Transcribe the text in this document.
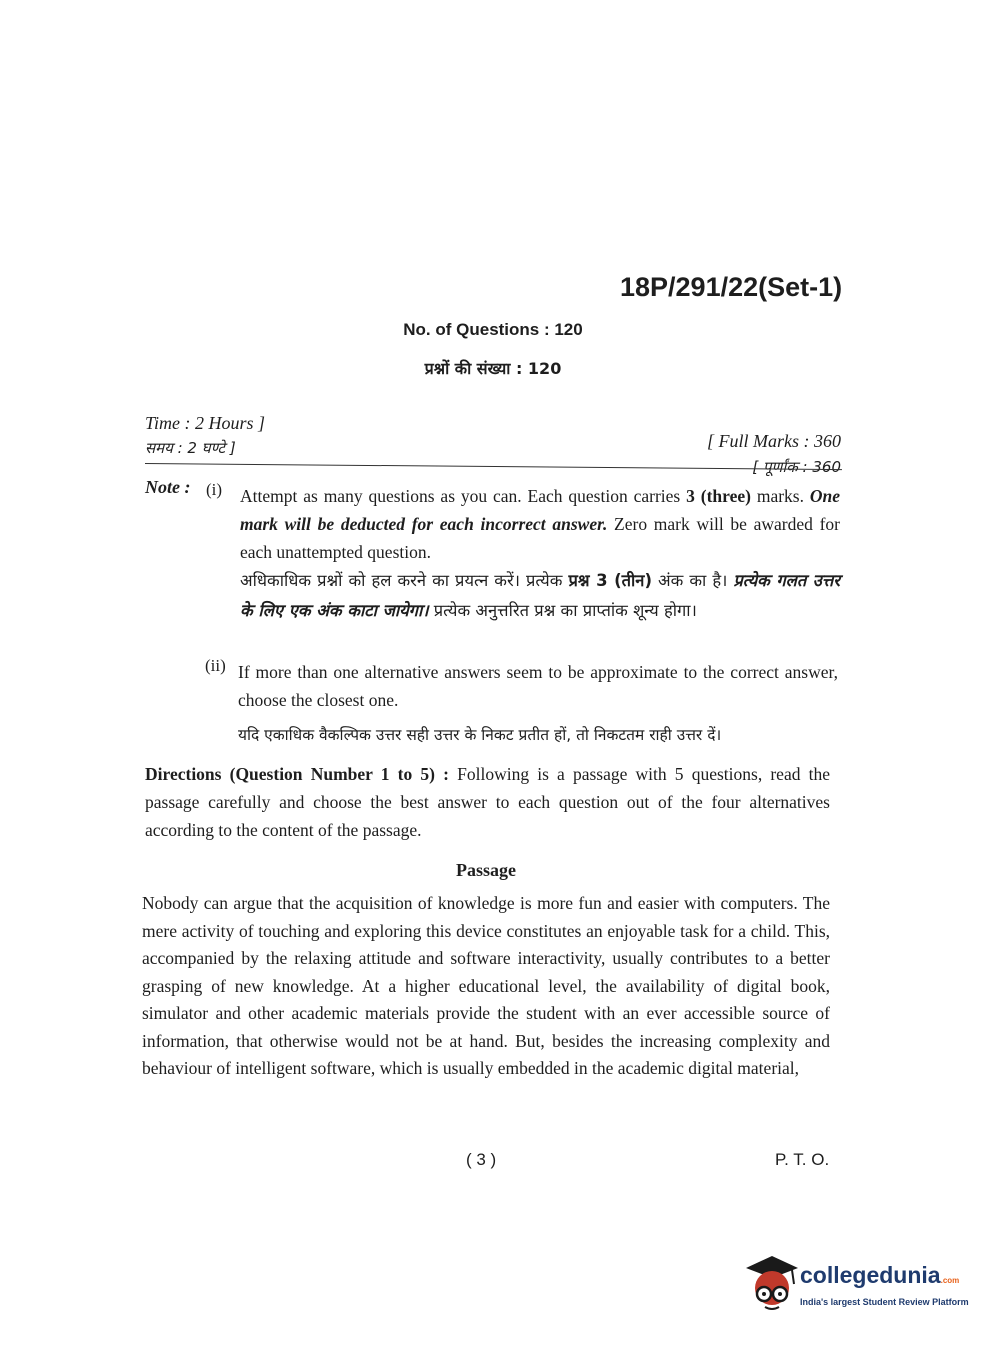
18P/291/22(Set-1)
No. of Questions : 120
प्रश्नों की संख्या : 120
Time : 2 Hours ]
समय : 2 घण्टे ]	[ Full Marks : 360
[ पूर्णांक : 360
Note : (i) Attempt as many questions as you can. Each question carries 3 (three) marks. One mark will be deducted for each incorrect answer. Zero mark will be awarded for each unattempted question.
अधिकाधिक प्रश्नों को हल करने का प्रयत्न करें। प्रत्येक प्रश्न 3 (तीन) अंक का है। प्रत्येक गलत उत्तर के लिए एक अंक काटा जायेगा। प्रत्येक अनुत्तरित प्रश्न का प्राप्तांक शून्य होगा।
(ii) If more than one alternative answers seem to be approximate to the correct answer, choose the closest one.
यदि एकाधिक वैकल्पिक उत्तर सही उत्तर के निकट प्रतीत हों, तो निकटतम राही उत्तर दें।
Directions (Question Number 1 to 5) : Following is a passage with 5 questions, read the passage carefully and choose the best answer to each question out of the four alternatives according to the content of the passage.
Passage
Nobody can argue that the acquisition of knowledge is more fun and easier with computers. The mere activity of touching and exploring this device constitutes an enjoyable task for a child. This, accompanied by the relaxing attitude and software interactivity, usually contributes to a better grasping of new knowledge. At a higher educational level, the availability of digital book, simulator and other academic materials provide the student with an ever accessible source of information, that otherwise would not be at hand. But, besides the increasing complexity and behaviour of intelligent software, which is usually embedded in the academic digital material,
( 3 )	P. T. O.
collegedunia.com
India's largest Student Review Platform
